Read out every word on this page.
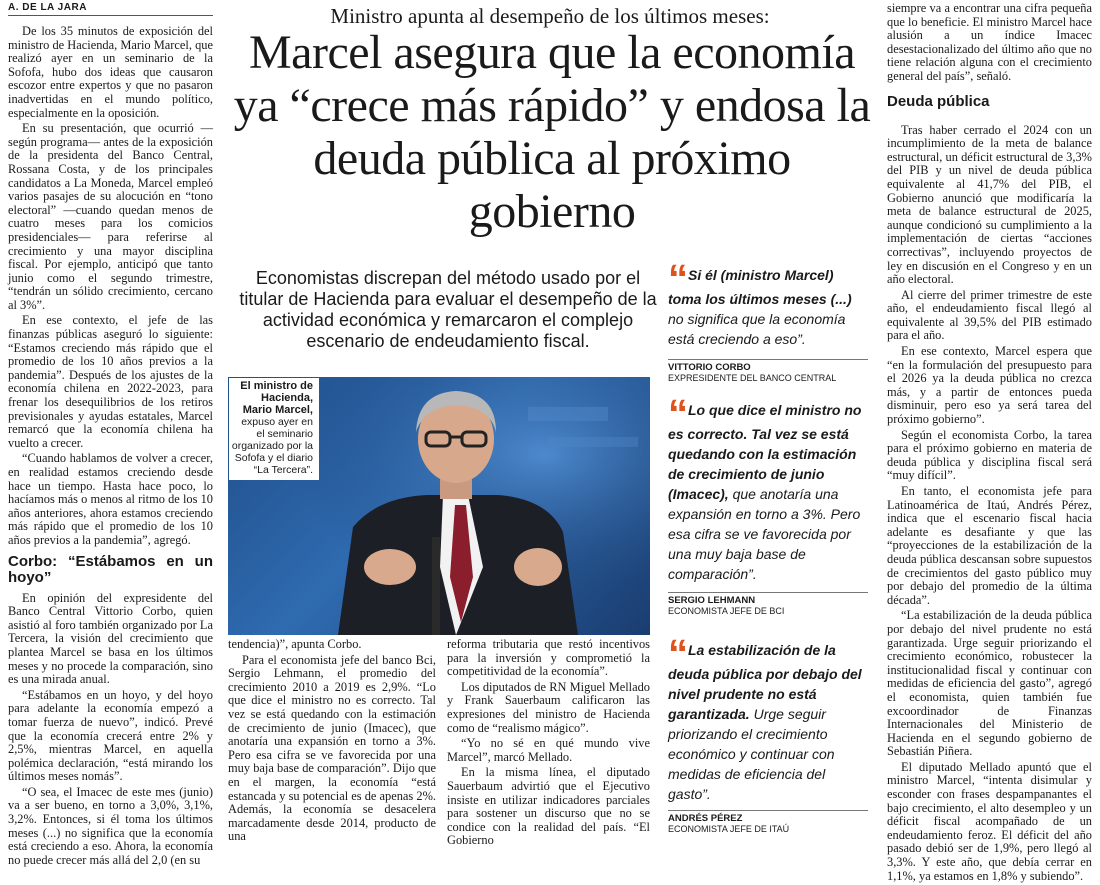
A. DE LA JARA

De los 35 minutos de exposición del ministro de Hacienda, Mario Marcel, que realizó ayer en un seminario de la Sofofa, hubo dos ideas que causaron escozor entre expertos y que no pasaron inadvertidas en el mundo político, especialmente en la oposición.

En su presentación, que ocurrió —según programa— antes de la exposición de la presidenta del Banco Central, Rossana Costa, y de los principales candidatos a La Moneda, Marcel empleó varios pasajes de su alocución en “tono electoral” —cuando quedan menos de cuatro meses para los comicios presidenciales— para referirse al crecimiento y una mayor disciplina fiscal. Por ejemplo, anticipó que tanto junio como el segundo trimestre, “tendrán un sólido crecimiento, cercano al 3%”.

En ese contexto, el jefe de las finanzas públicas aseguró lo siguiente: “Estamos creciendo más rápido que el promedio de los 10 años previos a la pandemia”. Después de los ajustes de la economía chilena en 2022-2023, para frenar los desequilibrios de los retiros previsionales y ayudas estatales, Marcel remarcó que la economía chilena ha vuelto a crecer.

“Cuando hablamos de volver a crecer, en realidad estamos creciendo desde hace un tiempo. Hasta hace poco, lo hacíamos más o menos al ritmo de los 10 años anteriores, ahora estamos creciendo más rápido que el promedio de los 10 años previos a la pandemia”, agregó.

Corbo: “Estábamos en un hoyo”

En opinión del expresidente del Banco Central Vittorio Corbo, quien asistió al foro también organizado por La Tercera, la visión del crecimiento que plantea Marcel se basa en los últimos meses y no procede la comparación, sino es una mirada anual.

“Estábamos en un hoyo, y del hoyo para adelante la economía empezó a tomar fuerza de nuevo”, indicó. Prevé que la economía crecerá entre 2% y 2,5%, mientras Marcel, en aquella polémica declaración, “está mirando los últimos meses nomás”.

“O sea, el Imacec de este mes (junio) va a ser bueno, en torno a 3,0%, 3,1%, 3,2%. Entonces, si él toma los últimos meses (...) no significa que la economía está creciendo a eso. Ahora, la economía no puede crecer más allá del 2,0 (en su

Ministro apunta al desempeño de los últimos meses:
Marcel asegura que la economía ya “crece más rápido” y endosa la deuda pública al próximo gobierno
Economistas discrepan del método usado por el titular de Hacienda para evaluar el desempeño de la actividad económica y remarcaron el complejo escenario de endeudamiento fiscal.
El ministro de Hacienda, Mario Marcel,
expuso ayer en el seminario organizado por la Sofofa y el diario “La Tercera”.

tendencia)”, apunta Corbo.

Para el economista jefe del banco Bci, Sergio Lehmann, el promedio del crecimiento 2010 a 2019 es 2,9%. “Lo que dice el ministro no es correcto. Tal vez se está quedando con la estimación de crecimiento de junio (Imacec), que anotaría una expansión en torno a 3%. Pero esa cifra se ve favorecida por una muy baja base de comparación”. Dijo que en el margen, la economía “está estancada y su potencial es de apenas 2%. Además, la economía se desacelera marcadamente desde 2014, producto de una

reforma tributaria que restó incentivos para la inversión y comprometió la competitividad de la economía”.

Los diputados de RN Miguel Mellado y Frank Sauerbaum calificaron las expresiones del ministro de Hacienda como de “realismo mágico”.

“Yo no sé en qué mundo vive Marcel”, marcó Mellado.

En la misma línea, el diputado Sauerbaum advirtió que el Ejecutivo insiste en utilizar indicadores parciales para sostener un discurso que no se condice con la realidad del país. “El Gobierno

“ Si él (ministro Marcel) toma los últimos meses (...) no significa que la economía está creciendo a eso”.
VITTORIO CORBO
EXPRESIDENTE DEL BANCO CENTRAL
“ Lo que dice el ministro no es correcto. Tal vez se está quedando con la estimación de crecimiento de junio (Imacec), que anotaría una expansión en torno a 3%. Pero esa cifra se ve favorecida por una muy baja base de comparación”.
SERGIO LEHMANN
ECONOMISTA JEFE DE BCI
“ La estabilización de la deuda pública por debajo del nivel prudente no está garantizada. Urge seguir priorizando el crecimiento económico y continuar con medidas de eficiencia del gasto”.
ANDRÉS PÉREZ
ECONOMISTA JEFE DE ITAÚ

siempre va a encontrar una cifra pequeña que lo beneficie. El ministro Marcel hace alusión a un índice Imacec desestacionalizado del último año que no tiene relación alguna con el crecimiento general del país”, señaló.

Deuda pública

Tras haber cerrado el 2024 con un incumplimiento de la meta de balance estructural, un déficit estructural de 3,3% del PIB y un nivel de deuda pública equivalente al 41,7% del PIB, el Gobierno anunció que modificaría la meta de balance estructural de 2025, aunque condicionó su cumplimiento a la implementación de ciertas “acciones correctivas”, incluyendo proyectos de ley en discusión en el Congreso y en un año electoral.

Al cierre del primer trimestre de este año, el endeudamiento fiscal llegó al equivalente al 39,5% del PIB estimado para el año.

En ese contexto, Marcel espera que “en la formulación del presupuesto para el 2026 ya la deuda pública no crezca más, y a partir de entonces pueda disminuir, pero eso ya será tarea del próximo gobierno”.

Según el economista Corbo, la tarea para el próximo gobierno en materia de deuda pública y disciplina fiscal será “muy difícil”.

En tanto, el economista jefe para Latinoamérica de Itaú, Andrés Pérez, indica que el escenario fiscal hacia adelante es desafiante y que las “proyecciones de la estabilización de la deuda pública descansan sobre supuestos de crecimientos del gasto público muy por debajo del promedio de la última década”.

“La estabilización de la deuda pública por debajo del nivel prudente no está garantizada. Urge seguir priorizando el crecimiento económico, robustecer la institucionalidad fiscal y continuar con medidas de eficiencia del gasto”, agregó el economista, quien también fue excoordinador de Finanzas Internacionales del Ministerio de Hacienda en el segundo gobierno de Sebastián Piñera.

El diputado Mellado apuntó que el ministro Marcel, “intenta disimular y esconder con frases despampanantes el bajo crecimiento, el alto desempleo y un déficit fiscal acompañado de un endeudamiento feroz. El déficit del año pasado debió ser de 1,9%, pero llegó al 3,3%. Y este año, que debía cerrar en 1,1%, ya estamos en 1,8% y subiendo”.
